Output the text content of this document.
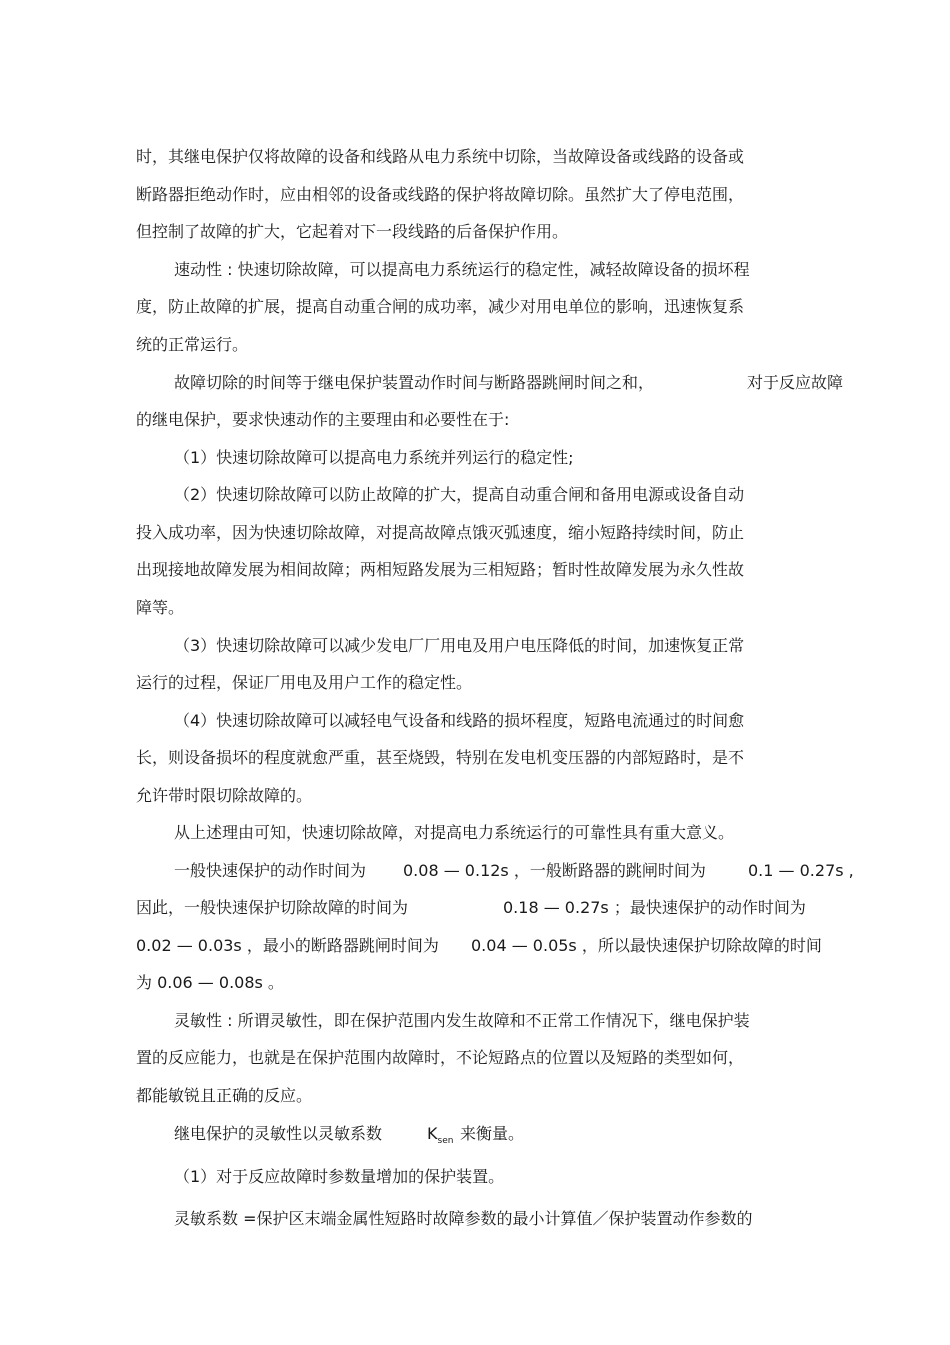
时，其继电保护仅将故障的设备和线路从电力系统中切除，当故障设备或线路的设备或
断路器拒绝动作时，应由相邻的设备或线路的保护将故障切除。虽然扩大了停电范围，
但控制了故障的扩大，它起着对下一段线路的后备保护作用。
速动性 : 快速切除故障，可以提高电力系统运行的稳定性，减轻故障设备的损坏程
度，防止故障的扩展，提高自动重合闸的成功率，减少对用电单位的影响，迅速恢复系
统的正常运行。
故障切除的时间等于继电保护装置动作时间与断路器跳闸时间之和，	对于反应故障
的继电保护，要求快速动作的主要理由和必要性在于:
（1）快速切除故障可以提高电力系统并列运行的稳定性;
（2）快速切除故障可以防止故障的扩大，提高自动重合闸和备用电源或设备自动
投入成功率，因为快速切除故障，对提高故障点饿灭弧速度，缩小短路持续时间，防止
出现接地故障发展为相间故障；两相短路发展为三相短路；暂时性故障发展为永久性故
障等。
（3）快速切除故障可以减少发电厂厂用电及用户电压降低的时间，加速恢复正常
运行的过程，保证厂用电及用户工作的稳定性。
（4）快速切除故障可以减轻电气设备和线路的损坏程度，短路电流通过的时间愈
长，则设备损坏的程度就愈严重，甚至烧毁，特别在发电机变压器的内部短路时，是不
允许带时限切除故障的。
从上述理由可知，快速切除故障，对提高电力系统运行的可靠性具有重大意义。
一般快速保护的动作时间为 0.08 — 0.12s ，一般断路器的跳闸时间为	0.1 — 0.27s ,
因此，一般快速保护切除故障的时间为	0.18 — 0.27s ；最快速保护的动作时间为
0.02 — 0.03s ，最小的断路器跳闸时间为 0.04 — 0.05s ，所以最快速保护切除故障的时间
为 0.06 — 0.08s 。
灵敏性 : 所谓灵敏性，即在保护范围内发生故障和不正常工作情况下，继电保护装
置的反应能力，也就是在保护范围内故障时，不论短路点的位置以及短路的类型如何，
都能敏锐且正确的反应。
继电保护的灵敏性以灵敏系数	$K_{sen}$ 来衡量。
（1）对于反应故障时参数量增加的保护装置。
灵敏系数 =保护区末端金属性短路时故障参数的最小计算值／保护装置动作参数的
